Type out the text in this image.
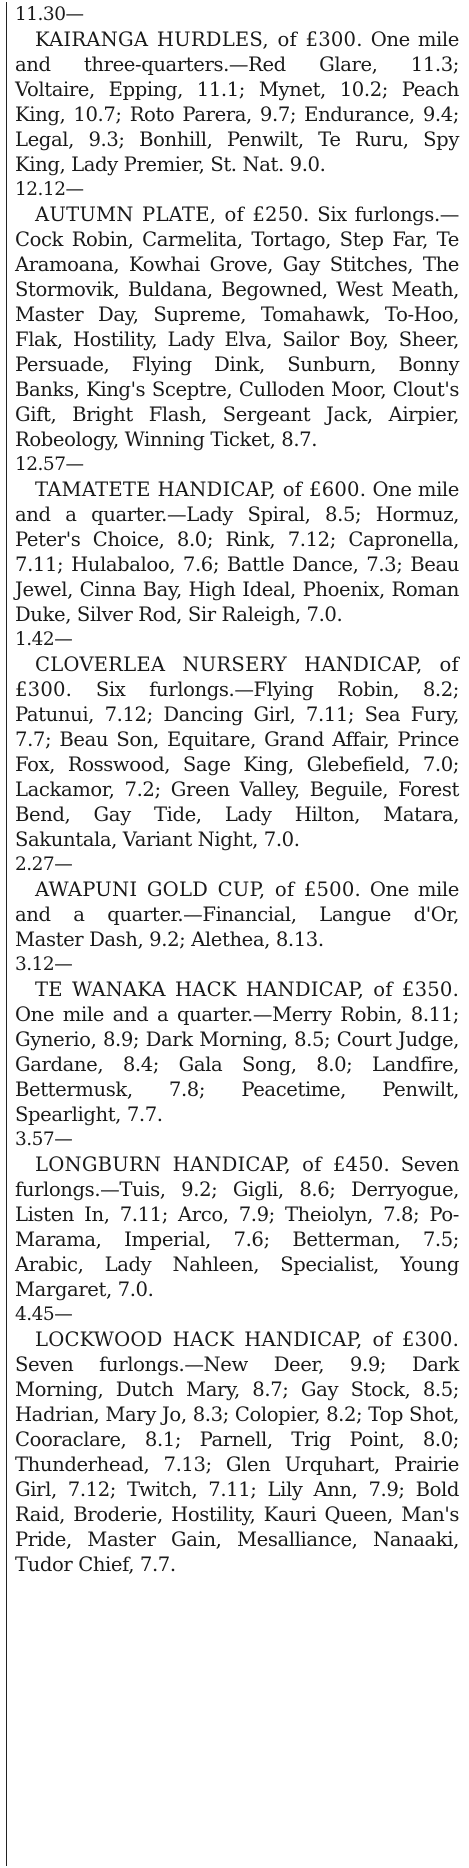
11.30—
KAIRANGA HURDLES, of £300. One mile and three-quarters.—Red Glare, 11.3; Voltaire, Epping, 11.1; Mynet, 10.2; Peach King, 10.7; Roto Parera, 9.7; Endurance, 9.4; Legal, 9.3; Bonhill, Penwilt, Te Ruru, Spy King, Lady Premier, St. Nat. 9.0.
12.12—
AUTUMN PLATE, of £250. Six furlongs.—Cock Robin, Carmelita, Tortago, Step Far, Te Aramoana, Kowhai Grove, Gay Stitches, The Stormovik, Buldana, Begowned, West Meath, Master Day, Supreme, Tomahawk, To-Hoo, Flak, Hostility, Lady Elva, Sailor Boy, Sheer, Persuade, Flying Dink, Sunburn, Bonny Banks, King's Sceptre, Culloden Moor, Clout's Gift, Bright Flash, Sergeant Jack, Airpier, Robeology, Winning Ticket, 8.7.
12.57—
TAMATETE HANDICAP, of £600. One mile and a quarter.—Lady Spiral, 8.5; Hormuz, Peter's Choice, 8.0; Rink, 7.12; Capronella, 7.11; Hulabaloo, 7.6; Battle Dance, 7.3; Beau Jewel, Cinna Bay, High Ideal, Phoenix, Roman Duke, Silver Rod, Sir Raleigh, 7.0.
1.42—
CLOVERLEA NURSERY HANDICAP, of £300. Six furlongs.—Flying Robin, 8.2; Patunui, 7.12; Dancing Girl, 7.11; Sea Fury, 7.7; Beau Son, Equitare, Grand Affair, Prince Fox, Rosswood, Sage King, Glebefield, 7.0; Lackamor, 7.2; Green Valley, Beguile, Forest Bend, Gay Tide, Lady Hilton, Matara, Sakuntala, Variant Night, 7.0.
2.27—
AWAPUNI GOLD CUP, of £500. One mile and a quarter.—Financial, Langue d'Or, Master Dash, 9.2; Alethea, 8.13.
3.12—
TE WANAKA HACK HANDICAP, of £350. One mile and a quarter.—Merry Robin, 8.11; Gynerio, 8.9; Dark Morning, 8.5; Court Judge, Gardane, 8.4; Gala Song, 8.0; Landfire, Bettermusk, 7.8; Peacetime, Penwilt, Spearlight, 7.7.
3.57—
LONGBURN HANDICAP, of £450. Seven furlongs.—Tuis, 9.2; Gigli, 8.6; Derryogue, Listen In, 7.11; Arco, 7.9; Theiolyn, 7.8; Po-Marama, Imperial, 7.6; Betterman, 7.5; Arabic, Lady Nahleen, Specialist, Young Margaret, 7.0.
4.45—
LOCKWOOD HACK HANDICAP, of £300. Seven furlongs.—New Deer, 9.9; Dark Morning, Dutch Mary, 8.7; Gay Stock, 8.5; Hadrian, Mary Jo, 8.3; Colopier, 8.2; Top Shot, Cooraclare, 8.1; Parnell, Trig Point, 8.0; Thunderhead, 7.13; Glen Urquhart, Prairie Girl, 7.12; Twitch, 7.11; Lily Ann, 7.9; Bold Raid, Broderie, Hostility, Kauri Queen, Man's Pride, Master Gain, Mesalliance, Nanaaki, Tudor Chief, 7.7.
